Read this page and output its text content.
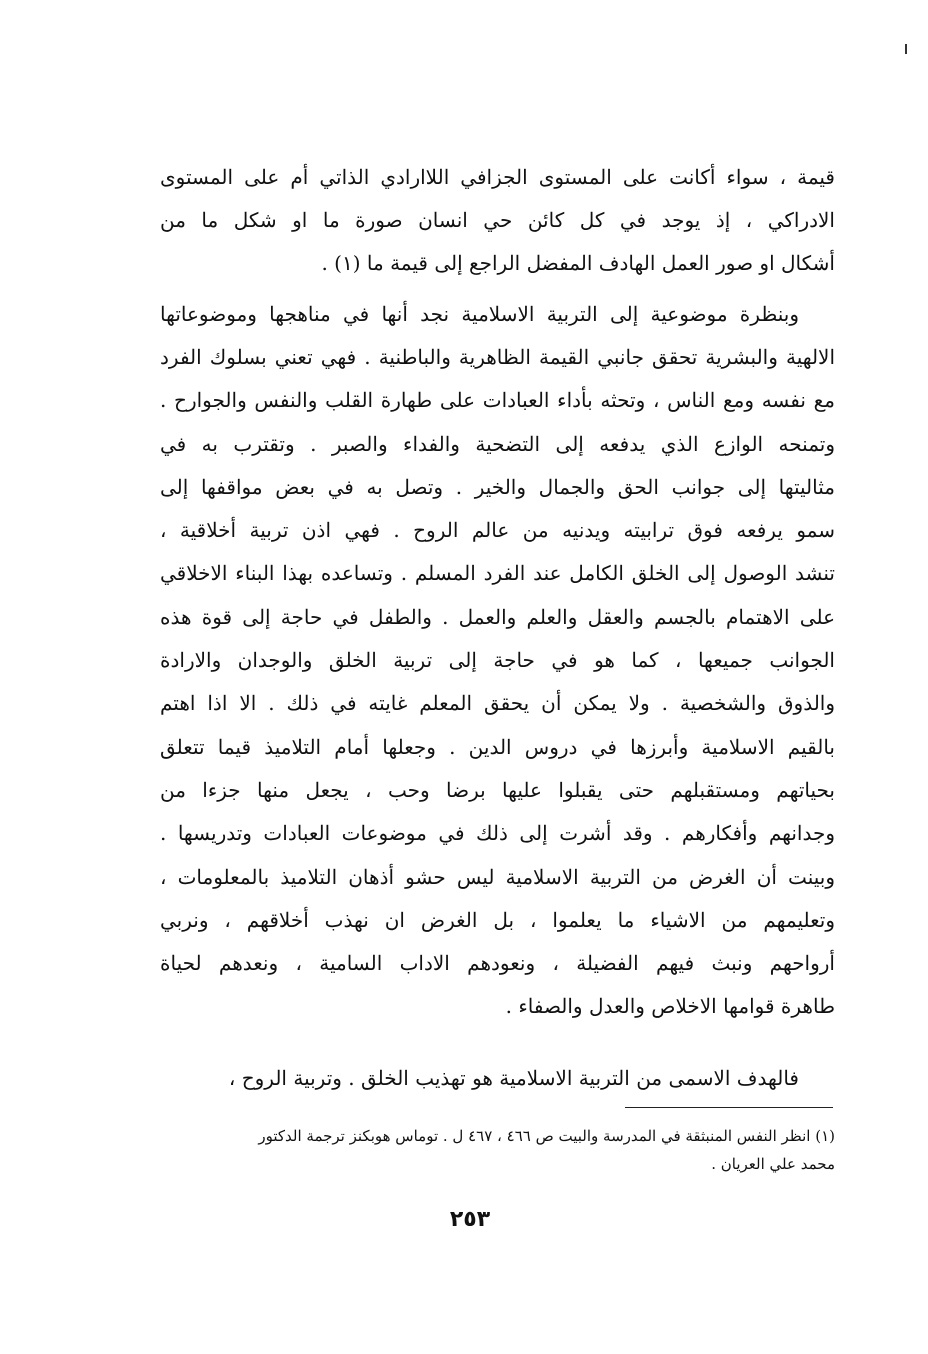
قيمة ، سواء أكانت على المستوى الجزافي اللاارادي الذاتي أم على المستوى
الادراكي ، إذ يوجد في كل كائن حي انسان صورة ما او شكل ما من
أشكال او صور العمل الهادف المفضل الراجع إلى قيمة ما (١) .
وبنظرة موضوعية إلى التربية الاسلامية نجد أنها في مناهجها وموضوعاتها
الالهية والبشرية تحقق جانبي القيمة الظاهرية والباطنية . فهي تعني بسلوك الفرد
مع نفسه ومع الناس ، وتحثه بأداء العبادات على طهارة القلب والنفس والجوارح .
وتمنحه الوازع الذي يدفعه إلى التضحية والفداء والصبر . وتقترب به في
مثاليتها إلى جوانب الحق والجمال والخير . وتصل به في بعض مواقفها إلى
سمو يرفعه فوق ترابيته ويدنيه من عالم الروح . فهي اذن تربية أخلاقية ،
تنشد الوصول إلى الخلق الكامل عند الفرد المسلم . وتساعده بهذا البناء الاخلاقي
على الاهتمام بالجسم والعقل والعلم والعمل . والطفل في حاجة إلى قوة هذه
الجوانب جميعها ، كما هو في حاجة إلى تربية الخلق والوجدان والارادة
والذوق والشخصية . ولا يمكن أن يحقق المعلم غايته في ذلك . الا اذا اهتم
بالقيم الاسلامية وأبرزها في دروس الدين . وجعلها أمام التلاميذ قيما تتعلق
بحياتهم ومستقبلهم حتى يقبلوا عليها برضا وحب ، يجعل منها جزءا من
وجدانهم وأفكارهم . وقد أشرت إلى ذلك في موضوعات العبادات وتدريسها .
وبينت أن الغرض من التربية الاسلامية ليس حشو أذهان التلاميذ بالمعلومات ،
وتعليمهم من الاشياء ما يعلموا ، بل الغرض ان نهذب أخلاقهم ، ونربي
أرواحهم ونبث فيهم الفضيلة ، ونعودهم الاداب السامية ، ونعدهم لحياة
طاهرة قوامها الاخلاص والعدل والصفاء .
فالهدف الاسمى من التربية الاسلامية هو تهذيب الخلق . وتربية الروح ،
(١) انظر النفس المنبثقة في المدرسة والبيت ص ٤٦٦ ، ٤٦٧ ل . توماس هوبكنز ترجمة الدكتور
محمد علي العريان .
٢٥٣
